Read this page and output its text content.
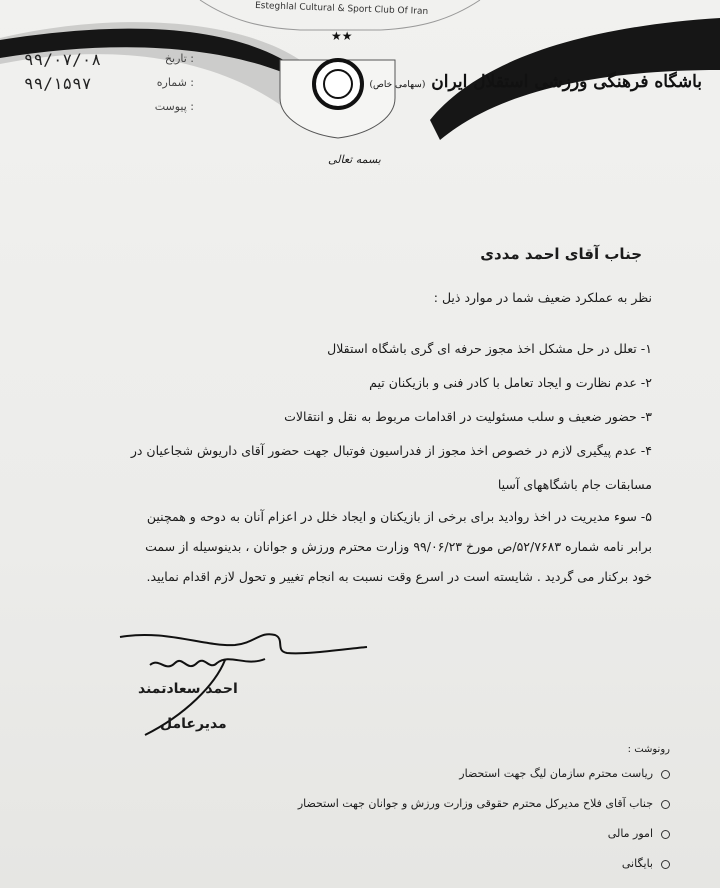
★★
Esteghlal Cultural & Sport Club Of Iran
باشگاه فرهنگی ورزشی استقلال ایران (سهامی خاص)
۹۹/۰۷/۰۸	: تاریخ
۹۹/۱۵۹۷	: شماره
: پیوست
بسمه تعالی
جناب آقای احمد مددی
نظر به عملکرد ضعیف شما در موارد ذیل :
۱- تعلل در حل مشکل اخذ مجوز حرفه ای گری باشگاه استقلال
۲- عدم نظارت و ایجاد تعامل با کادر فنی و بازیکنان تیم
۳- حضور ضعیف و سلب مسئولیت در اقدامات مربوط به نقل و انتقالات
۴- عدم پیگیری لازم در خصوص اخذ مجوز از فدراسیون فوتبال جهت حضور آقای داریوش شجاعیان در
مسابقات جام باشگاههای آسیا
۵- سوء مدیریت در اخذ روادید برای برخی از بازیکنان و ایجاد خلل در اعزام آنان به دوحه و همچنین
برابر نامه شماره ۵۲/۷۶۸۳/ص مورخ ۹۹/۰۶/۲۳ وزارت محترم ورزش و جوانان ، بدینوسیله از سمت
خود برکنار می گردید . شایسته است در اسرع وقت نسبت به انجام تغییر و تحول لازم اقدام نمایید.
احمد سعادتمند
مدیرعامل
رونوشت :
ریاست محترم سازمان لیگ جهت استحضار
جناب آقای فلاح مدیرکل محترم حقوقی وزارت ورزش و جوانان جهت استحضار
امور مالی
بایگانی
